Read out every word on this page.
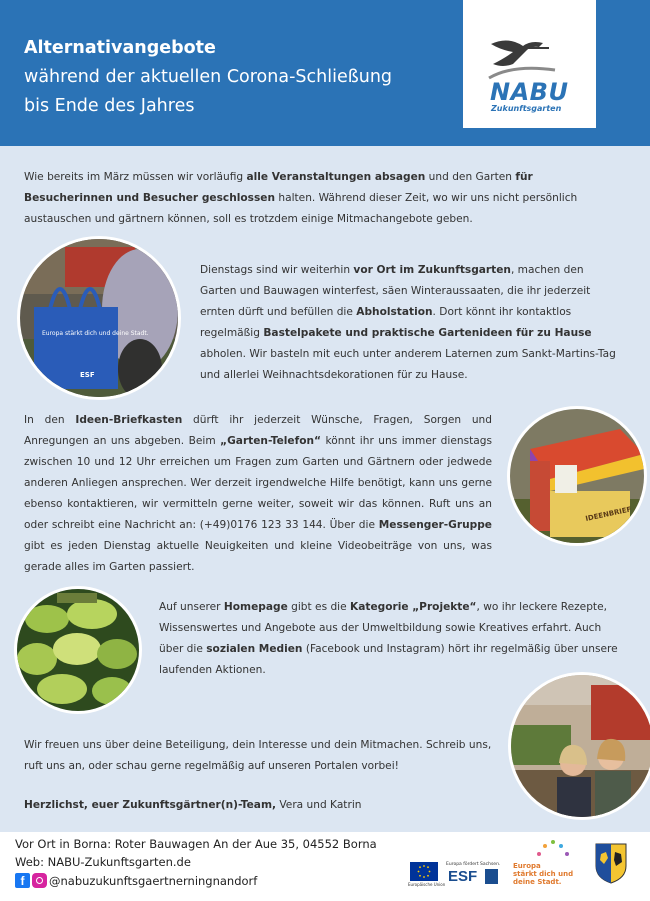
Alternativangebote
während der aktuellen Corona-Schließung
bis Ende des Jahres	NABU
Zukunftsgarten

Wie bereits im März müssen wir vorläufig alle Veranstaltungen absagen und den Garten für Besucherinnen und Besucher geschlossen halten. Während dieser Zeit, wo wir uns nicht persönlich austauschen und gärtnern können, soll es trotzdem einige Mitmachangebote geben.

Europa stärkt dich und deine Stadt.
ESF

Dienstags sind wir weiterhin vor Ort im Zukunftsgarten, machen den Garten und Bauwagen winterfest, säen Winteraussaaten, die ihr jederzeit ernten dürft und befüllen die Abholstation. Dort könnt ihr kontaktlos regelmäßig Bastelpakete und praktische Gartenideen für zu Hause abholen. Wir basteln mit euch unter anderem Laternen zum Sankt-Martins-Tag und allerlei Weihnachtsdekorationen für zu Hause.

In den Ideen-Briefkasten dürft ihr jederzeit Wünsche, Fragen, Sorgen und Anregungen an uns abgeben. Beim „Garten-Telefon“ könnt ihr uns immer dienstags zwischen 10 und 12 Uhr erreichen um Fragen zum Garten und Gärtnern oder jedwede anderen Anliegen ansprechen. Wer derzeit irgendwelche Hilfe benötigt, kann uns gerne ebenso kontaktieren, wir vermitteln gerne weiter, soweit wir das können. Ruft uns an oder schreibt eine Nachricht an: (+49)0176 123 33 144. Über die Messenger-Gruppe gibt es jeden Dienstag aktuelle Neuigkeiten und kleine Videobeiträge von uns, was gerade alles im Garten passiert.

IDEENBRIEF

Auf unserer Homepage gibt es die Kategorie „Projekte“, wo ihr leckere Rezepte, Wissenswertes und Angebote aus der Umweltbildung sowie Kreatives erfahrt. Auch über die sozialen Medien (Facebook und Instagram) hört ihr regelmäßig über unsere laufenden Aktionen.

Wir freuen uns über deine Beteiligung, dein Interesse und dein Mitmachen. Schreib uns, ruft uns an, oder schau gerne regelmäßig auf unseren Portalen vorbei!

Herzlichst, euer Zukunftsgärtner(n)-Team, Vera und Katrin

Vor Ort in Borna: Roter Bauwagen An der Aue 35, 04552 Borna
Web: NABU-Zukunftsgarten.de
f	@nabuzukunftsgaertnerningnandorf	Europäische Union
Europa fördert Sachsen.
ESF
Europa
stärkt dich und
deine Stadt.
